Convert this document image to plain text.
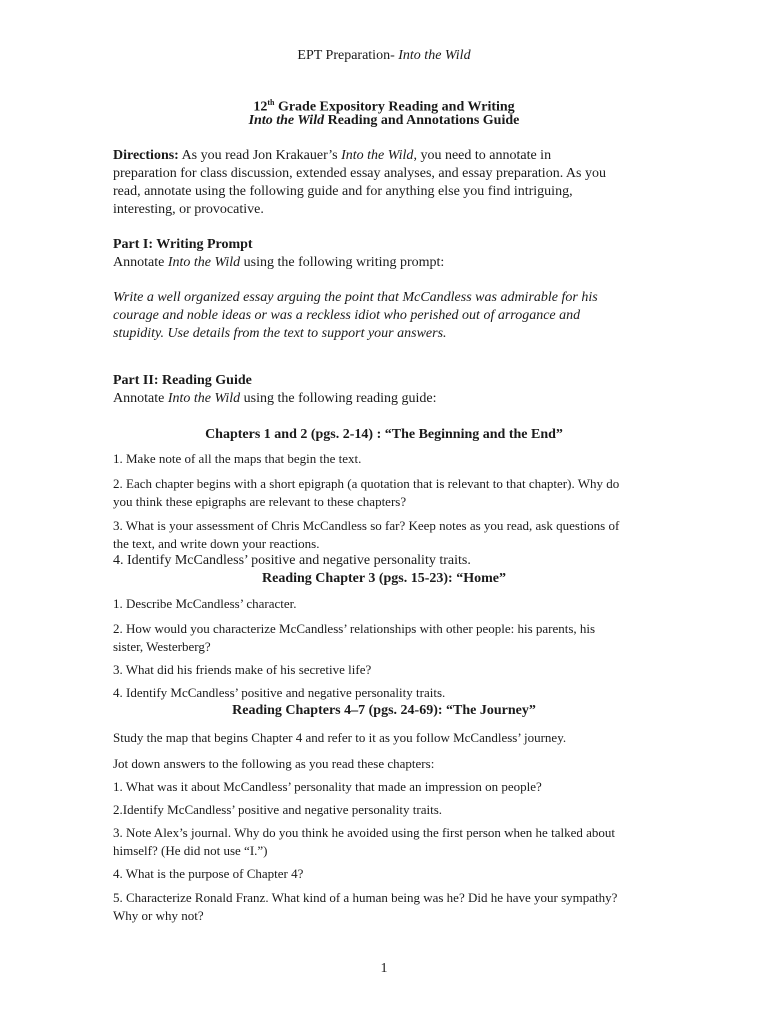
EPT Preparation- Into the Wild
12th Grade Expository Reading and Writing
Into the Wild Reading and Annotations Guide
Directions: As you read Jon Krakauer’s Into the Wild, you need to annotate in
preparation for class discussion, extended essay analyses, and essay preparation. As you
read, annotate using the following guide and for anything else you find intriguing,
interesting, or provocative.
Part I: Writing Prompt
Annotate Into the Wild using the following writing prompt:
Write a well organized essay arguing the point that McCandless was admirable for his
courage and noble ideas or was a reckless idiot who perished out of arrogance and
stupidity. Use details from the text to support your answers.
Part II: Reading Guide
Annotate Into the Wild using the following reading guide:
Chapters 1 and 2 (pgs. 2-14) : “The Beginning and the End”
1. Make note of all the maps that begin the text.
2. Each chapter begins with a short epigraph (a quotation that is relevant to that chapter). Why do
you think these epigraphs are relevant to these chapters?
3. What is your assessment of Chris McCandless so far? Keep notes as you read, ask questions of
the text, and write down your reactions.
4. Identify McCandless’ positive and negative personality traits.
Reading Chapter 3 (pgs. 15-23): “Home”
1. Describe McCandless’ character.
2. How would you characterize McCandless’ relationships with other people: his parents, his
sister, Westerberg?
3. What did his friends make of his secretive life?
4. Identify McCandless’ positive and negative personality traits.
Reading Chapters 4–7 (pgs. 24-69): “The Journey”
Study the map that begins Chapter 4 and refer to it as you follow McCandless’ journey.
Jot down answers to the following as you read these chapters:
1. What was it about McCandless’ personality that made an impression on people?
2.Identify McCandless’ positive and negative personality traits.
3. Note Alex’s journal. Why do you think he avoided using the first person when he talked about
himself? (He did not use “I.”)
4. What is the purpose of Chapter 4?
5. Characterize Ronald Franz. What kind of a human being was he? Did he have your sympathy?
Why or why not?
1
